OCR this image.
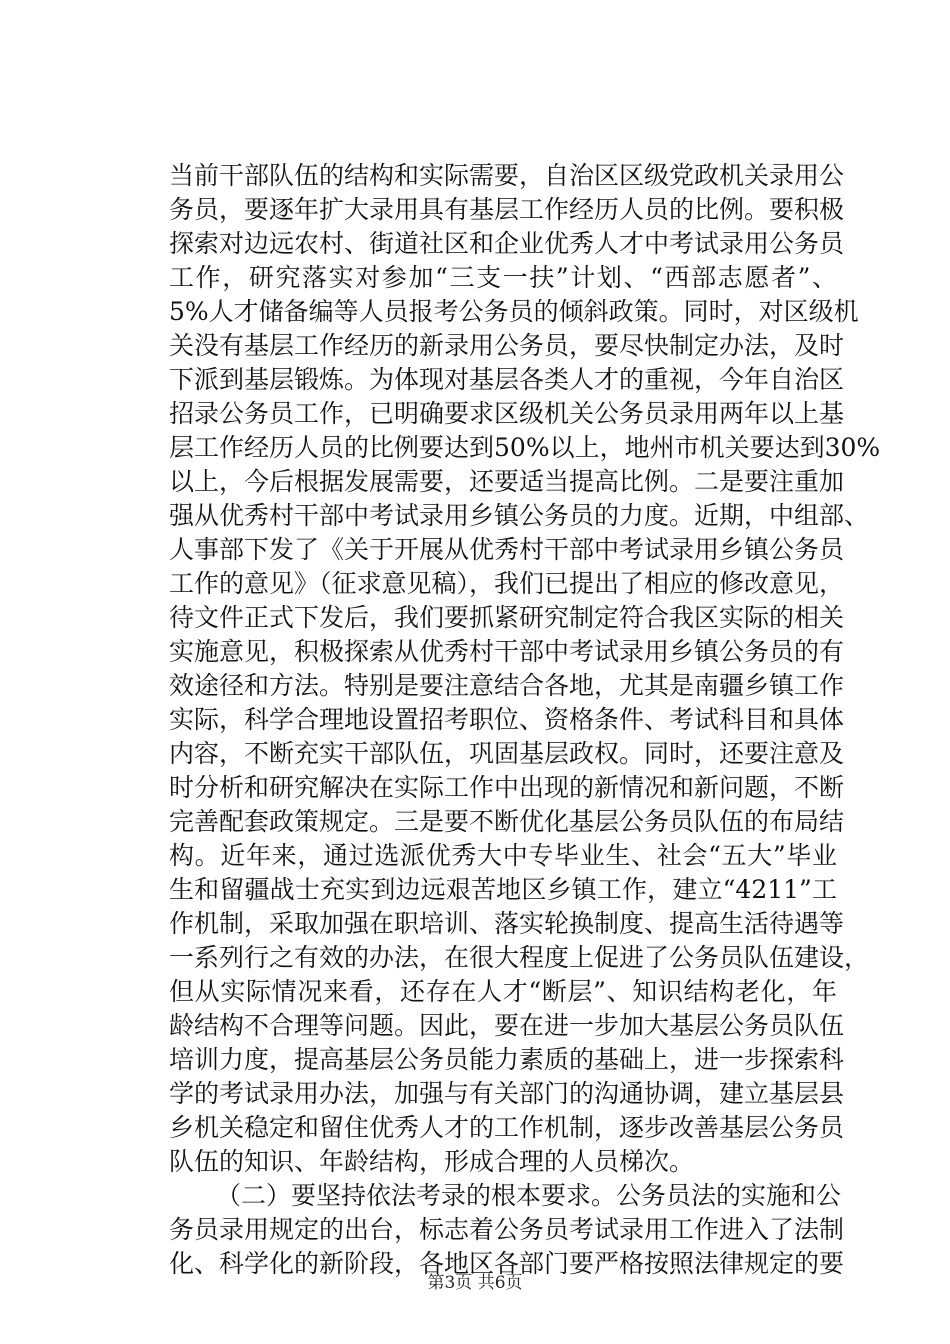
当前干部队伍的结构和实际需要，自治区区级党政机关录用公
务员，要逐年扩大录用具有基层工作经历人员的比例。要积极
探索对边远农村、街道社区和企业优秀人才中考试录用公务员
工作，研究落实对参加“三支一扶”计划、“西部志愿者”、
5%人才储备编等人员报考公务员的倾斜政策。同时，对区级机
关没有基层工作经历的新录用公务员，要尽快制定办法，及时
下派到基层锻炼。为体现对基层各类人才的重视，今年自治区
招录公务员工作，已明确要求区级机关公务员录用两年以上基
层工作经历人员的比例要达到50%以上，地州市机关要达到30%
以上，今后根据发展需要，还要适当提高比例。二是要注重加
强从优秀村干部中考试录用乡镇公务员的力度。近期，中组部、
人事部下发了《关于开展从优秀村干部中考试录用乡镇公务员
工作的意见》（征求意见稿），我们已提出了相应的修改意见，
待文件正式下发后，我们要抓紧研究制定符合我区实际的相关
实施意见，积极探索从优秀村干部中考试录用乡镇公务员的有
效途径和方法。特别是要注意结合各地，尤其是南疆乡镇工作
实际，科学合理地设置招考职位、资格条件、考试科目和具体
内容，不断充实干部队伍，巩固基层政权。同时，还要注意及
时分析和研究解决在实际工作中出现的新情况和新问题，不断
完善配套政策规定。三是要不断优化基层公务员队伍的布局结
构。近年来，通过选派优秀大中专毕业生、社会“五大”毕业
生和留疆战士充实到边远艰苦地区乡镇工作，建立“4211”工
作机制，采取加强在职培训、落实轮换制度、提高生活待遇等
一系列行之有效的办法，在很大程度上促进了公务员队伍建设，
但从实际情况来看，还存在人才“断层”、知识结构老化，年
龄结构不合理等问题。因此，要在进一步加大基层公务员队伍
培训力度，提高基层公务员能力素质的基础上，进一步探索科
学的考试录用办法，加强与有关部门的沟通协调，建立基层县
乡机关稳定和留住优秀人才的工作机制，逐步改善基层公务员
队伍的知识、年龄结构，形成合理的人员梯次。
（二）要坚持依法考录的根本要求。公务员法的实施和公
务员录用规定的出台，标志着公务员考试录用工作进入了法制
化、科学化的新阶段，各地区各部门要严格按照法律规定的要
第3页 共6页
